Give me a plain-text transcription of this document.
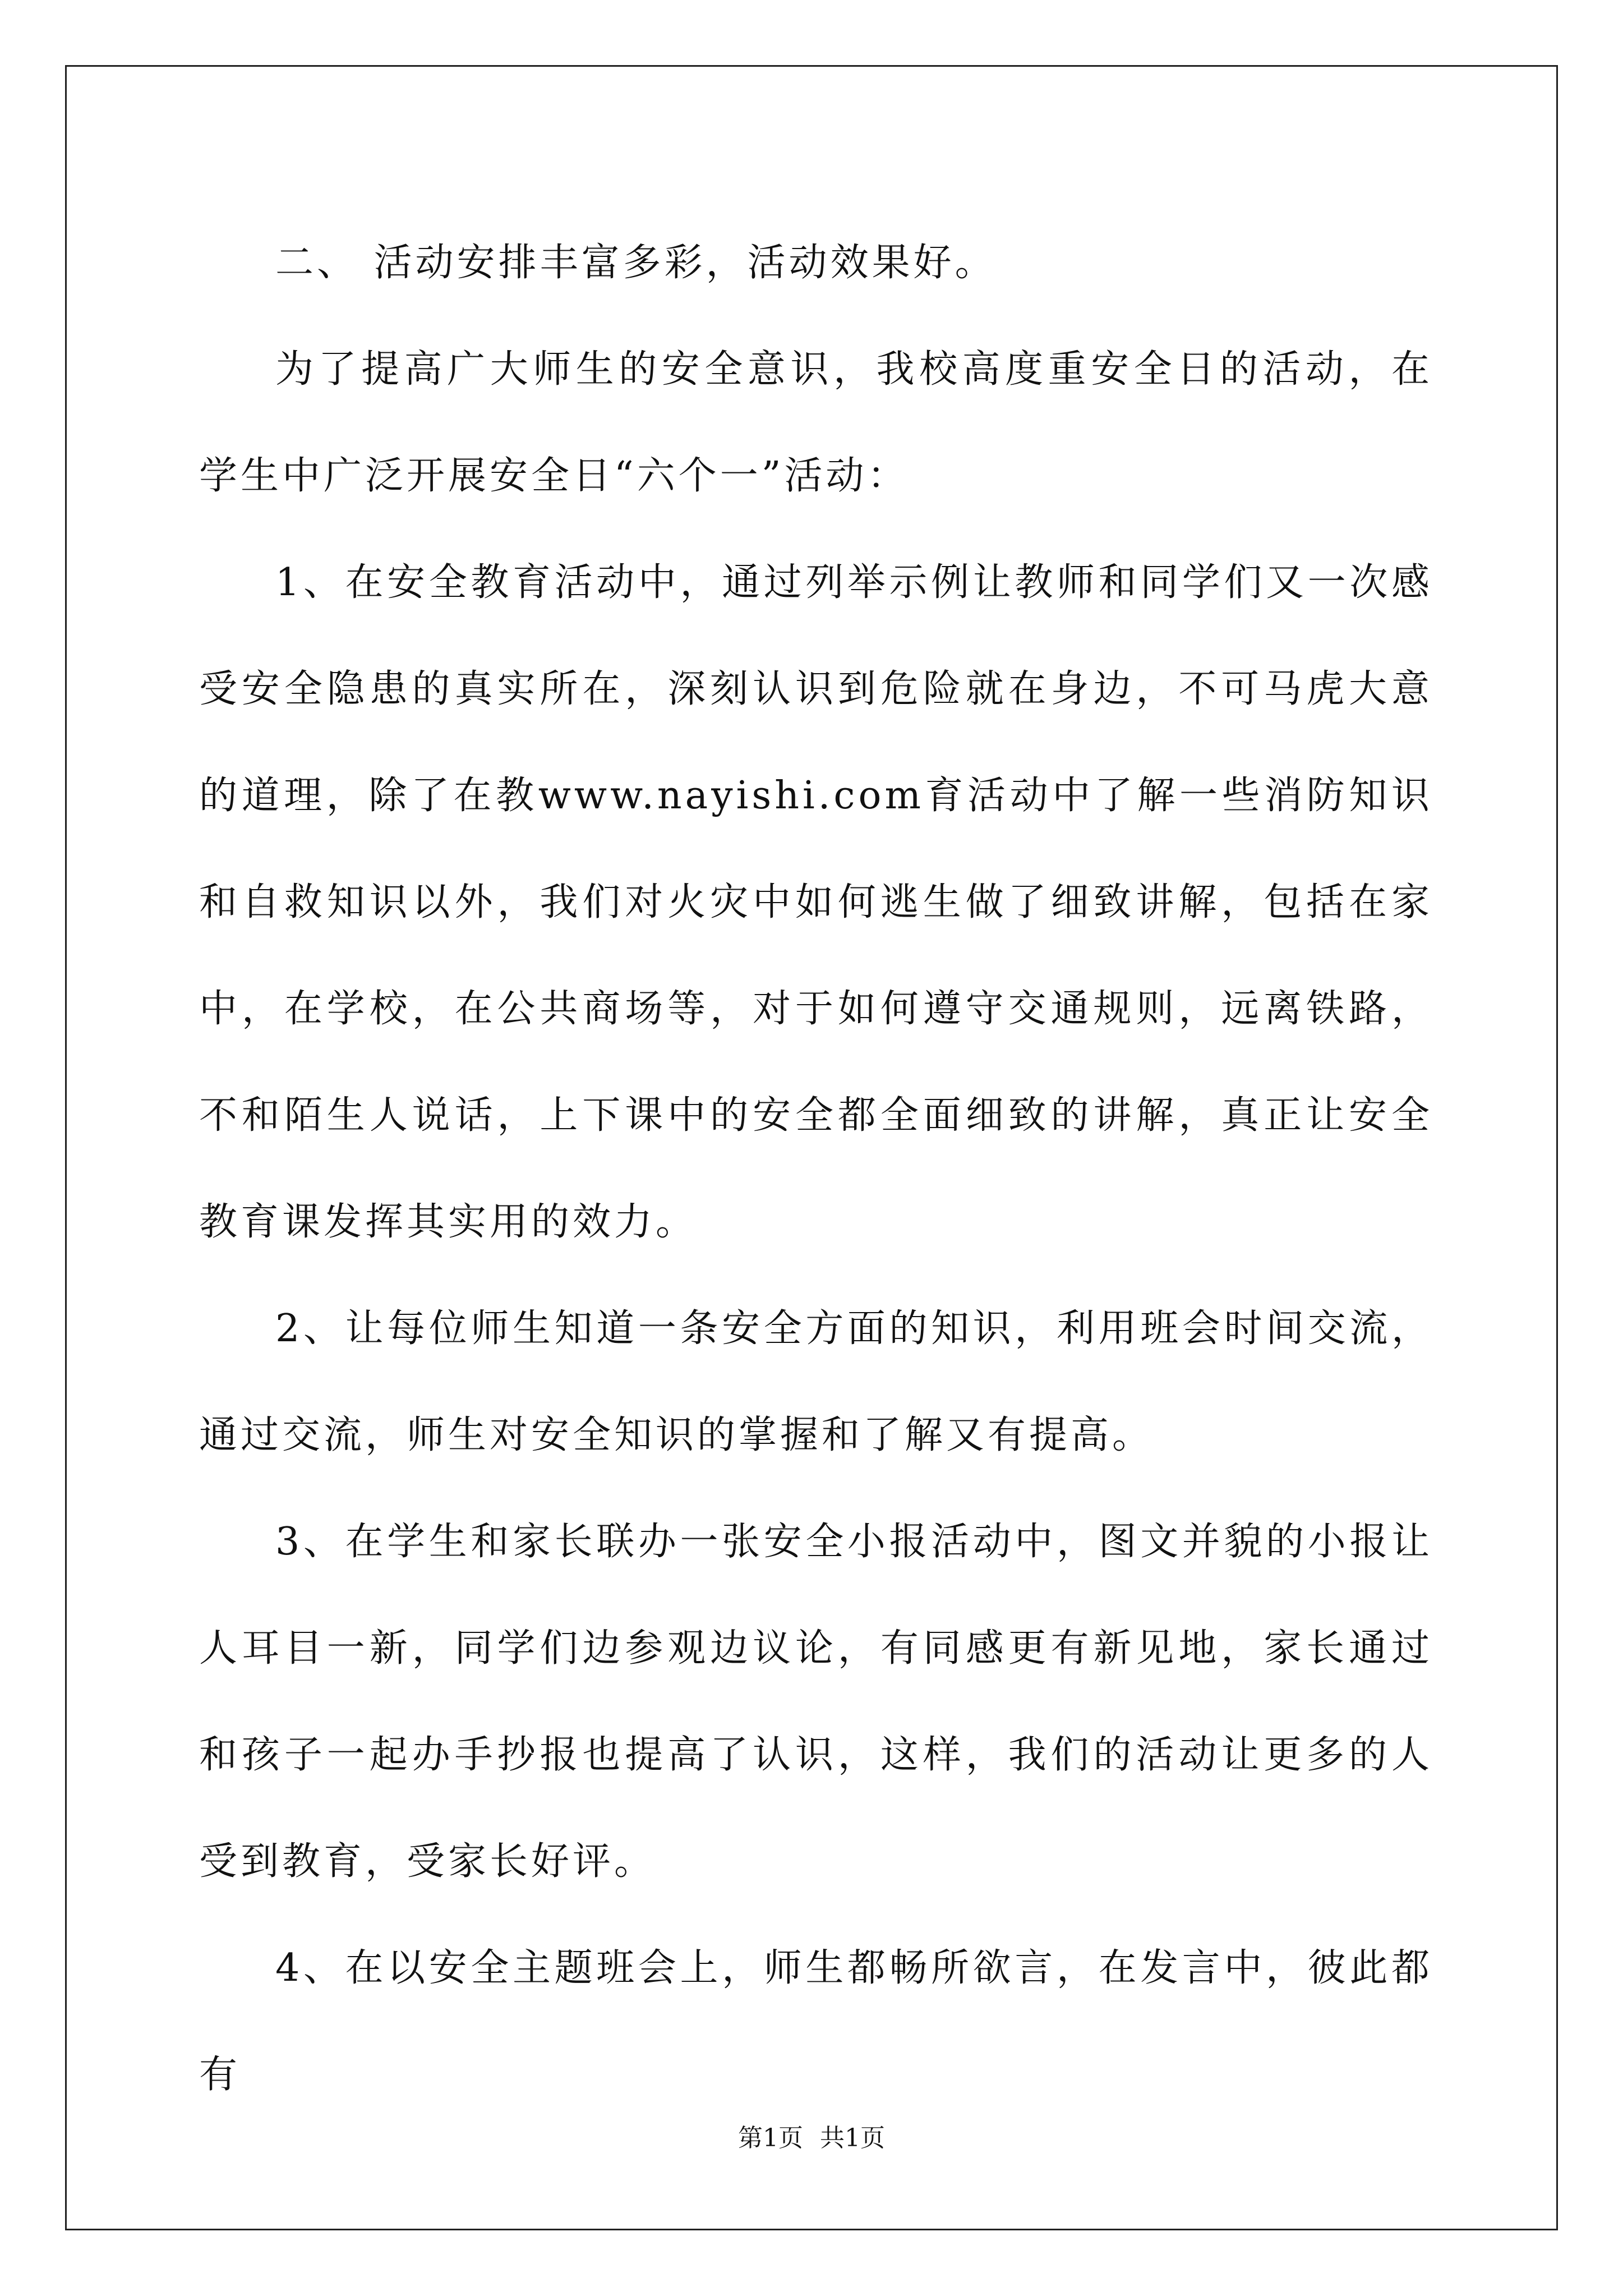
二、 活动安排丰富多彩，活动效果好。

为了提高广大师生的安全意识，我校高度重安全日的活动，在学生中广泛开展安全日“六个一”活动：

1、在安全教育活动中，通过列举示例让教师和同学们又一次感受安全隐患的真实所在，深刻认识到危险就在身边，不可马虎大意的道理，除了在教www.nayishi.com育活动中了解一些消防知识和自救知识以外，我们对火灾中如何逃生做了细致讲解，包括在家中，在学校，在公共商场等，对于如何遵守交通规则，远离铁路，不和陌生人说话，上下课中的安全都全面细致的讲解，真正让安全教育课发挥其实用的效力。

2、让每位师生知道一条安全方面的知识，利用班会时间交流，通过交流，师生对安全知识的掌握和了解又有提高。

3、在学生和家长联办一张安全小报活动中，图文并貌的小报让人耳目一新，同学们边参观边议论，有同感更有新见地，家长通过和孩子一起办手抄报也提高了认识，这样，我们的活动让更多的人受到教育，受家长好评。

4、在以安全主题班会上，师生都畅所欲言，在发言中，彼此都有

第1页 共1页
